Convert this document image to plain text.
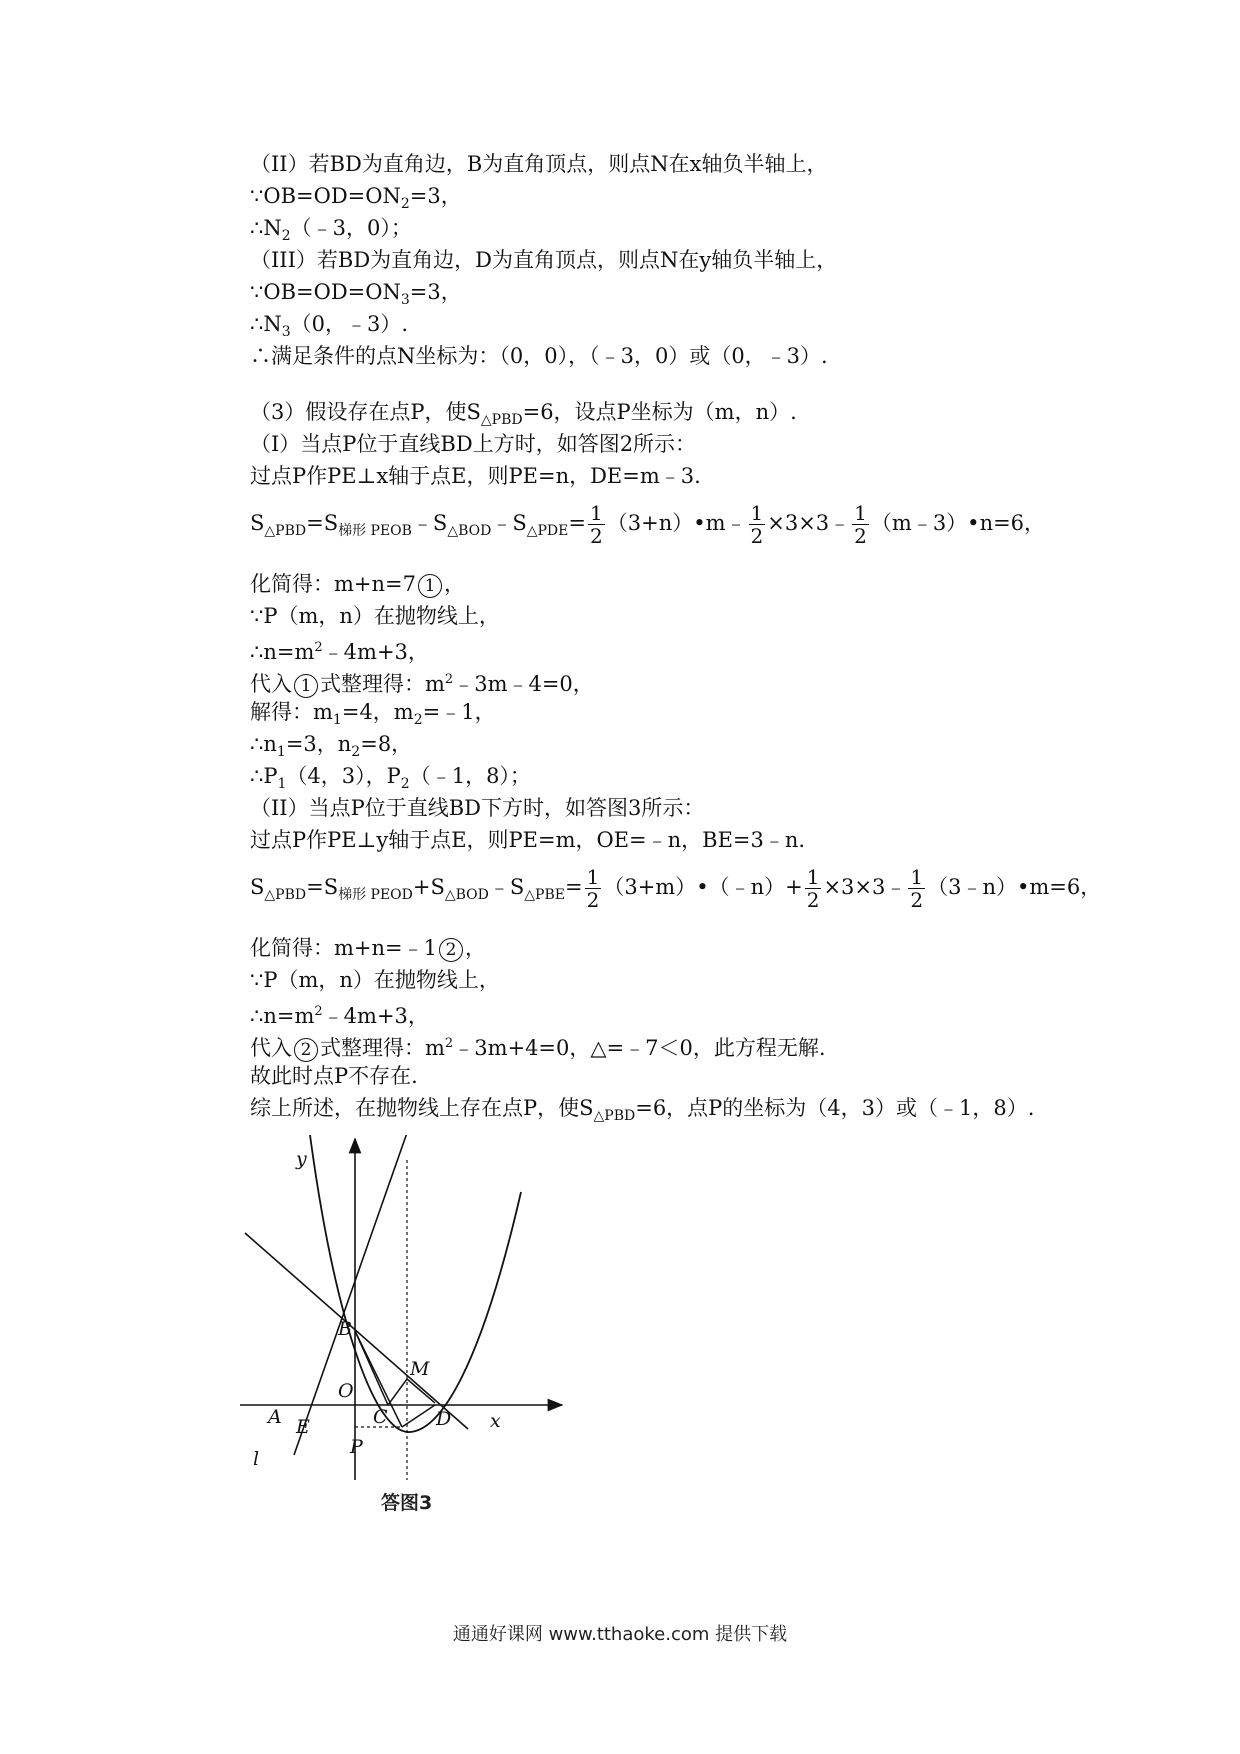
（II）若BD为直角边，B为直角顶点，则点N在x轴负半轴上，
$\because OB=OD=ON_2=3$，
$\therefore N_2(﹣3$，0）；
（III）若BD为直角边，D为直角顶点，则点N在y轴负半轴上，
$\because OB=OD=ON_3=3$，
$\therefore N_3(0$，﹣3）.
∴满足条件的点N坐标为：（0，0），（﹣3，0）或（0，﹣3）.
（3）假设存在点P，使$S_{\triangle PBD}=6$，设点P坐标为（m，n）.
（I）当点P位于直线BD上方时，如答图2所示：
过点P作PE⊥x轴于点E，则PE=n，DE=m﹣3.
$S_{\triangle PBD}=S_{梯形 PEOB}﹣S_{\triangle BOD}﹣S_{\triangle PDE}= \frac{1}{2}$ （3+n）•m﹣ $\frac{1}{2}$ ×3×3﹣ $\frac{1}{2}$ （m﹣3）•n=6，
化简得：m+n=7 1 ，
∵P（m，n）在抛物线上，
$\therefore n=m^2﹣4m+3$，
代入 1 式整理得：$m^2﹣3m﹣4=0$，
解得：$m_1=4$，$m_2=﹣1$，
$\therefore n_1=3$，$n_2=8$，
$\therefore P_1(4$，3），$P_2(﹣1$，8）；
（II）当点P位于直线BD下方时，如答图3所示：
过点P作PE⊥y轴于点E，则PE=m，OE=﹣n，BE=3﹣n.
$S_{\triangle PBD}=S_{梯形 PEOD}+S_{\triangle BOD}﹣S_{\triangle PBE}= \frac{1}{2}$ （3+m）•（﹣n）+ $\frac{1}{2}$ ×3×3﹣ $\frac{1}{2}$ （3﹣n）•m=6，
化简得：m+n=﹣1 2 ，
∵P（m，n）在抛物线上，
$\therefore n=m^2﹣4m+3$，
代入 2 式整理得：$m^2﹣3m+4=0$，△=﹣7＜0，此方程无解.
故此时点P不存在.
综上所述，在抛物线上存在点P，使$S_{\triangle PBD}=6$，点P的坐标为（4，3）或（﹣1，8）.
y
x
B
M
O
A	C	D
E
P
l
答图3
通通好课网 www.tthaoke.com 提供下载
